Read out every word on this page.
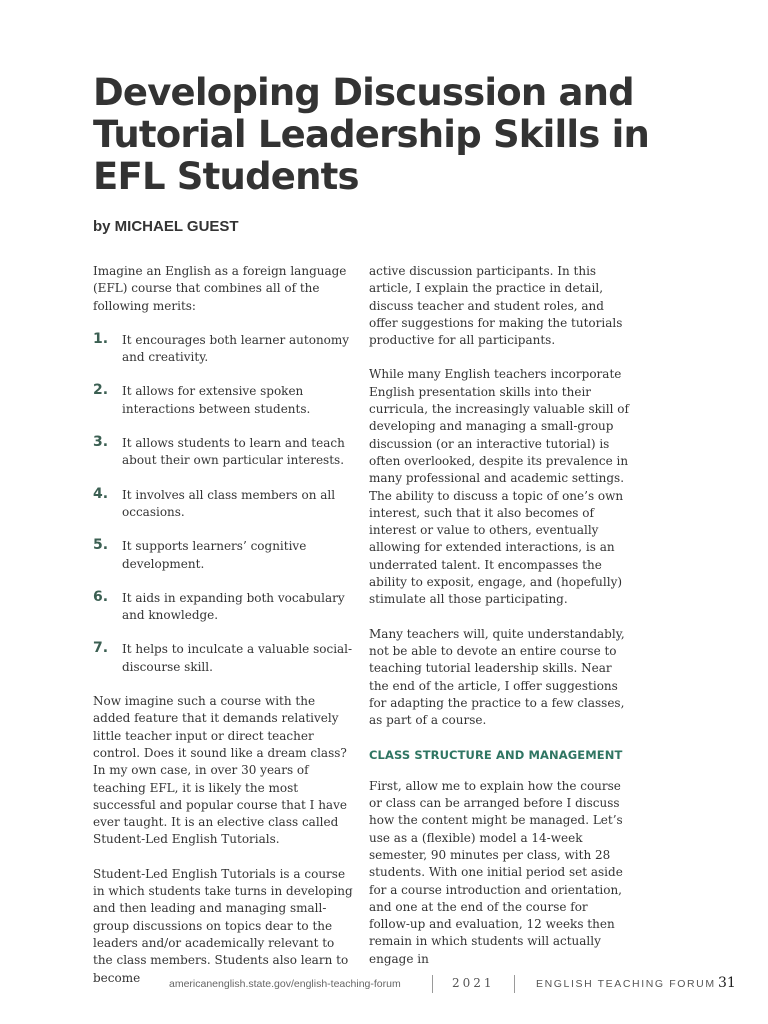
Developing Discussion and Tutorial Leadership Skills in EFL Students
by MICHAEL GUEST

Imagine an English as a foreign language (EFL) course that combines all of the following merits:

1. It encourages both learner autonomy and creativity.
2. It allows for extensive spoken interactions between students.
3. It allows students to learn and teach about their own particular interests.
4. It involves all class members on all occasions.
5. It supports learners’ cognitive development.
6. It aids in expanding both vocabulary and knowledge.
7. It helps to inculcate a valuable social-discourse skill.

Now imagine such a course with the added feature that it demands relatively little teacher input or direct teacher control. Does it sound like a dream class? In my own case, in over 30 years of teaching EFL, it is likely the most successful and popular course that I have ever taught. It is an elective class called Student-Led English Tutorials.

Student-Led English Tutorials is a course in which students take turns in developing and then leading and managing small-group discussions on topics dear to the leaders and/or academically relevant to the class members. Students also learn to become

active discussion participants. In this article, I explain the practice in detail, discuss teacher and student roles, and offer suggestions for making the tutorials productive for all participants.

While many English teachers incorporate English presentation skills into their curricula, the increasingly valuable skill of developing and managing a small-group discussion (or an interactive tutorial) is often overlooked, despite its prevalence in many professional and academic settings. The ability to discuss a topic of one’s own interest, such that it also becomes of interest or value to others, eventually allowing for extended interactions, is an underrated talent. It encompasses the ability to exposit, engage, and (hopefully) stimulate all those participating.

Many teachers will, quite understandably, not be able to devote an entire course to teaching tutorial leadership skills. Near the end of the article, I offer suggestions for adapting the practice to a few classes, as part of a course.

CLASS STRUCTURE AND MANAGEMENT

First, allow me to explain how the course or class can be arranged before I discuss how the content might be managed. Let’s use as a (flexible) model a 14-week semester, 90 minutes per class, with 28 students. With one initial period set aside for a course introduction and orientation, and one at the end of the course for follow-up and evaluation, 12 weeks then remain in which students will actually engage in

americanenglish.state.gov/english-teaching-forum	2021	ENGLISH TEACHING FORUM 31
